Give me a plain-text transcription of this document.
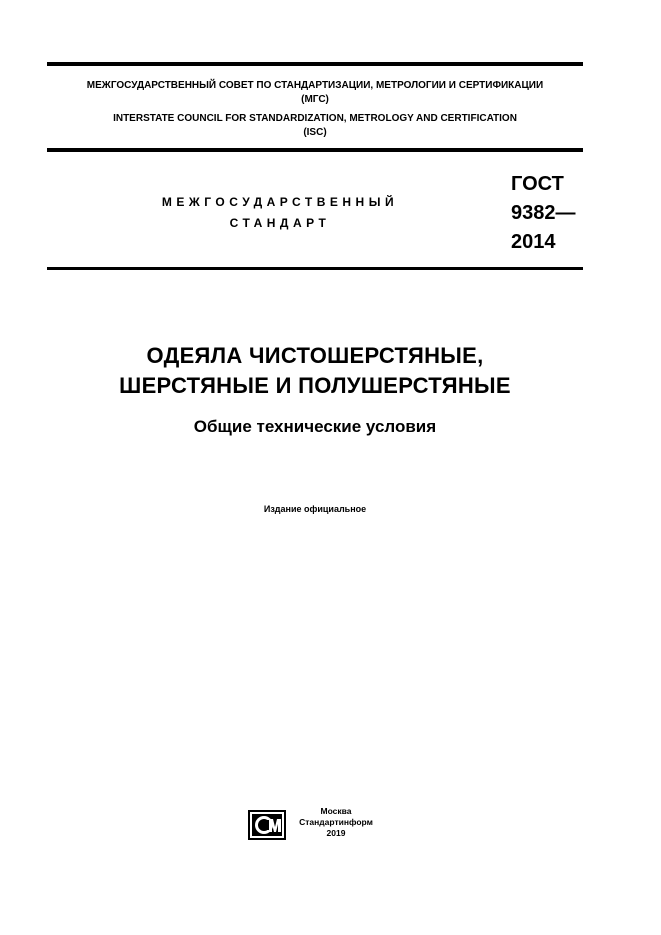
МЕЖГОСУДАРСТВЕННЫЙ СОВЕТ ПО СТАНДАРТИЗАЦИИ, МЕТРОЛОГИИ И СЕРТИФИКАЦИИ
(МГС)
INTERSTATE COUNCIL FOR STANDARDIZATION, METROLOGY AND CERTIFICATION
(ISC)
МЕЖГОСУДАРСТВЕННЫЙ
СТАНДАРТ
ГОСТ
9382—
2014
ОДЕЯЛА ЧИСТОШЕРСТЯНЫЕ,
ШЕРСТЯНЫЕ И ПОЛУШЕРСТЯНЫЕ
Общие технические условия
Издание официальное
Москва
Стандартинформ
2019
